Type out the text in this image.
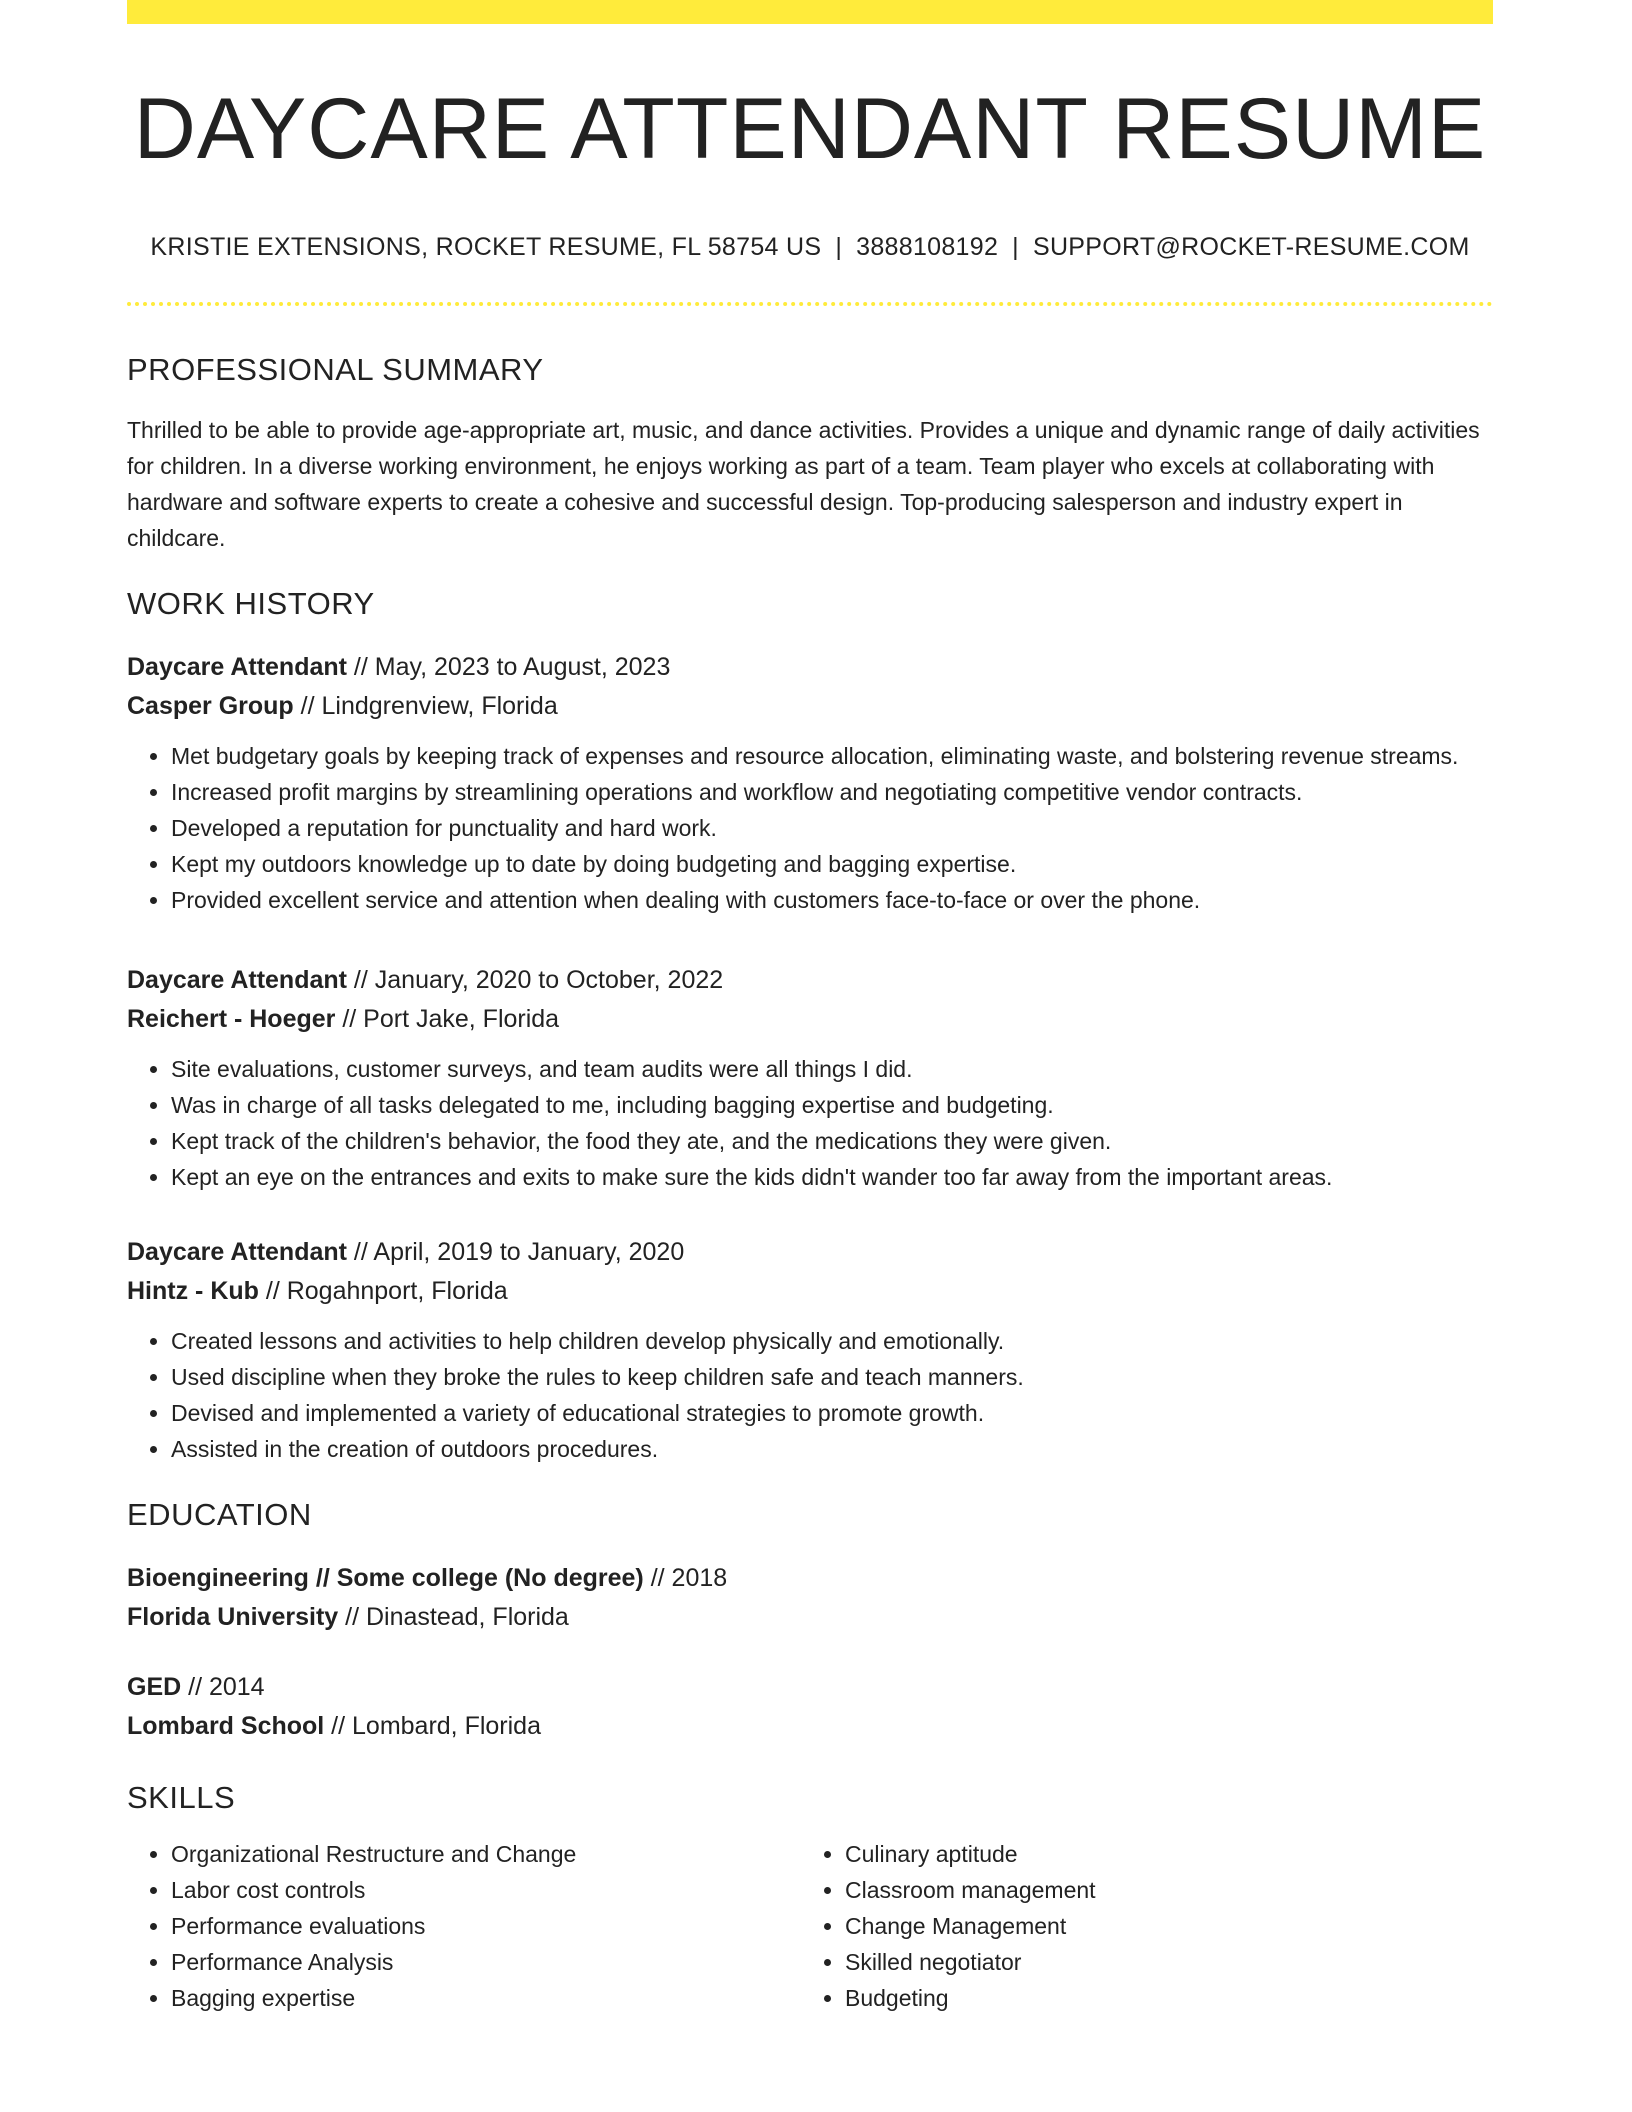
DAYCARE ATTENDANT RESUME
KRISTIE EXTENSIONS, ROCKET RESUME, FL 58754 US | 3888108192 | SUPPORT@ROCKET-RESUME.COM
PROFESSIONAL SUMMARY
Thrilled to be able to provide age-appropriate art, music, and dance activities. Provides a unique and dynamic range of daily activities for children. In a diverse working environment, he enjoys working as part of a team. Team player who excels at collaborating with hardware and software experts to create a cohesive and successful design. Top-producing salesperson and industry expert in childcare.
WORK HISTORY
Daycare Attendant // May, 2023 to August, 2023
Casper Group // Lindgrenview, Florida
• Met budgetary goals by keeping track of expenses and resource allocation, eliminating waste, and bolstering revenue streams.
• Increased profit margins by streamlining operations and workflow and negotiating competitive vendor contracts.
• Developed a reputation for punctuality and hard work.
• Kept my outdoors knowledge up to date by doing budgeting and bagging expertise.
• Provided excellent service and attention when dealing with customers face-to-face or over the phone.
Daycare Attendant // January, 2020 to October, 2022
Reichert - Hoeger // Port Jake, Florida
• Site evaluations, customer surveys, and team audits were all things I did.
• Was in charge of all tasks delegated to me, including bagging expertise and budgeting.
• Kept track of the children's behavior, the food they ate, and the medications they were given.
• Kept an eye on the entrances and exits to make sure the kids didn't wander too far away from the important areas.
Daycare Attendant // April, 2019 to January, 2020
Hintz - Kub // Rogahnport, Florida
• Created lessons and activities to help children develop physically and emotionally.
• Used discipline when they broke the rules to keep children safe and teach manners.
• Devised and implemented a variety of educational strategies to promote growth.
• Assisted in the creation of outdoors procedures.
EDUCATION
Bioengineering // Some college (No degree) // 2018
Florida University // Dinastead, Florida
GED // 2014
Lombard School // Lombard, Florida
SKILLS
• Organizational Restructure and Change
• Labor cost controls
• Performance evaluations
• Performance Analysis
• Bagging expertise
• Culinary aptitude
• Classroom management
• Change Management
• Skilled negotiator
• Budgeting
